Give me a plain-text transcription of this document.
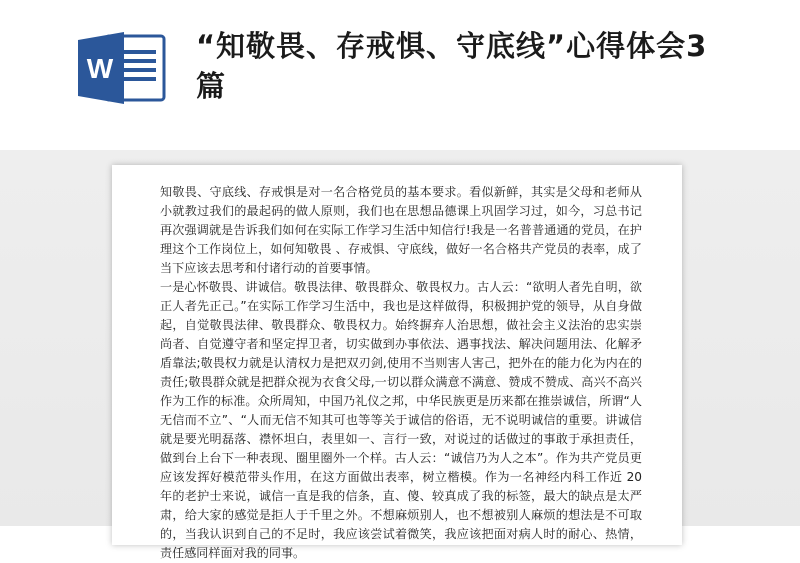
W
“知敬畏、存戒惧、守底线”心得体会3篇

知敬畏、守底线、存戒惧是对一名合格党员的基本要求。看似新鲜，其实是父母和老师从小就教过我们的最起码的做人原则，我们也在思想品德课上巩固学习过，如今，习总书记再次强调就是告诉我们如何在实际工作学习生活中知信行!我是一名普普通通的党员，在护理这个工作岗位上，如何知敬畏 、存戒惧、守底线，做好一名合格共产党员的表率，成了当下应该去思考和付诸行动的首要事情。

一是心怀敬畏、讲诚信。敬畏法律、敬畏群众、敬畏权力。古人云：“欲明人者先自明，欲正人者先正己。”在实际工作学习生活中，我也是这样做得，积极拥护党的领导，从自身做起，自觉敬畏法律、敬畏群众、敬畏权力。始终摒弃人治思想，做社会主义法治的忠实崇尚者、自觉遵守者和坚定捍卫者，切实做到办事依法、遇事找法、解决问题用法、化解矛盾靠法;敬畏权力就是认清权力是把双刃剑,使用不当则害人害己，把外在的能力化为内在的责任;敬畏群众就是把群众视为衣食父母,一切以群众满意不满意、赞成不赞成、高兴不高兴作为工作的标准。众所周知，中国乃礼仪之邦，中华民族更是历来都在推崇诚信，所谓“人无信而不立”、“人而无信不知其可也等等关于诚信的俗语，无不说明诚信的重要。讲诚信就是要光明磊落、襟怀坦白，表里如一、言行一致，对说过的话做过的事敢于承担责任，做到台上台下一种表现、圈里圈外一个样。古人云：“诚信乃为人之本”。作为共产党员更应该发挥好模范带头作用，在这方面做出表率，树立楷模。作为一名神经内科工作近 20 年的老护士来说，诚信一直是我的信条，直、傻、较真成了我的标签，最大的缺点是太严肃，给大家的感觉是拒人于千里之外。不想麻烦别人，也不想被别人麻烦的想法是不可取的，当我认识到自己的不足时，我应该尝试着微笑，我应该把面对病人时的耐心、热情，责任感同样面对我的同事。
